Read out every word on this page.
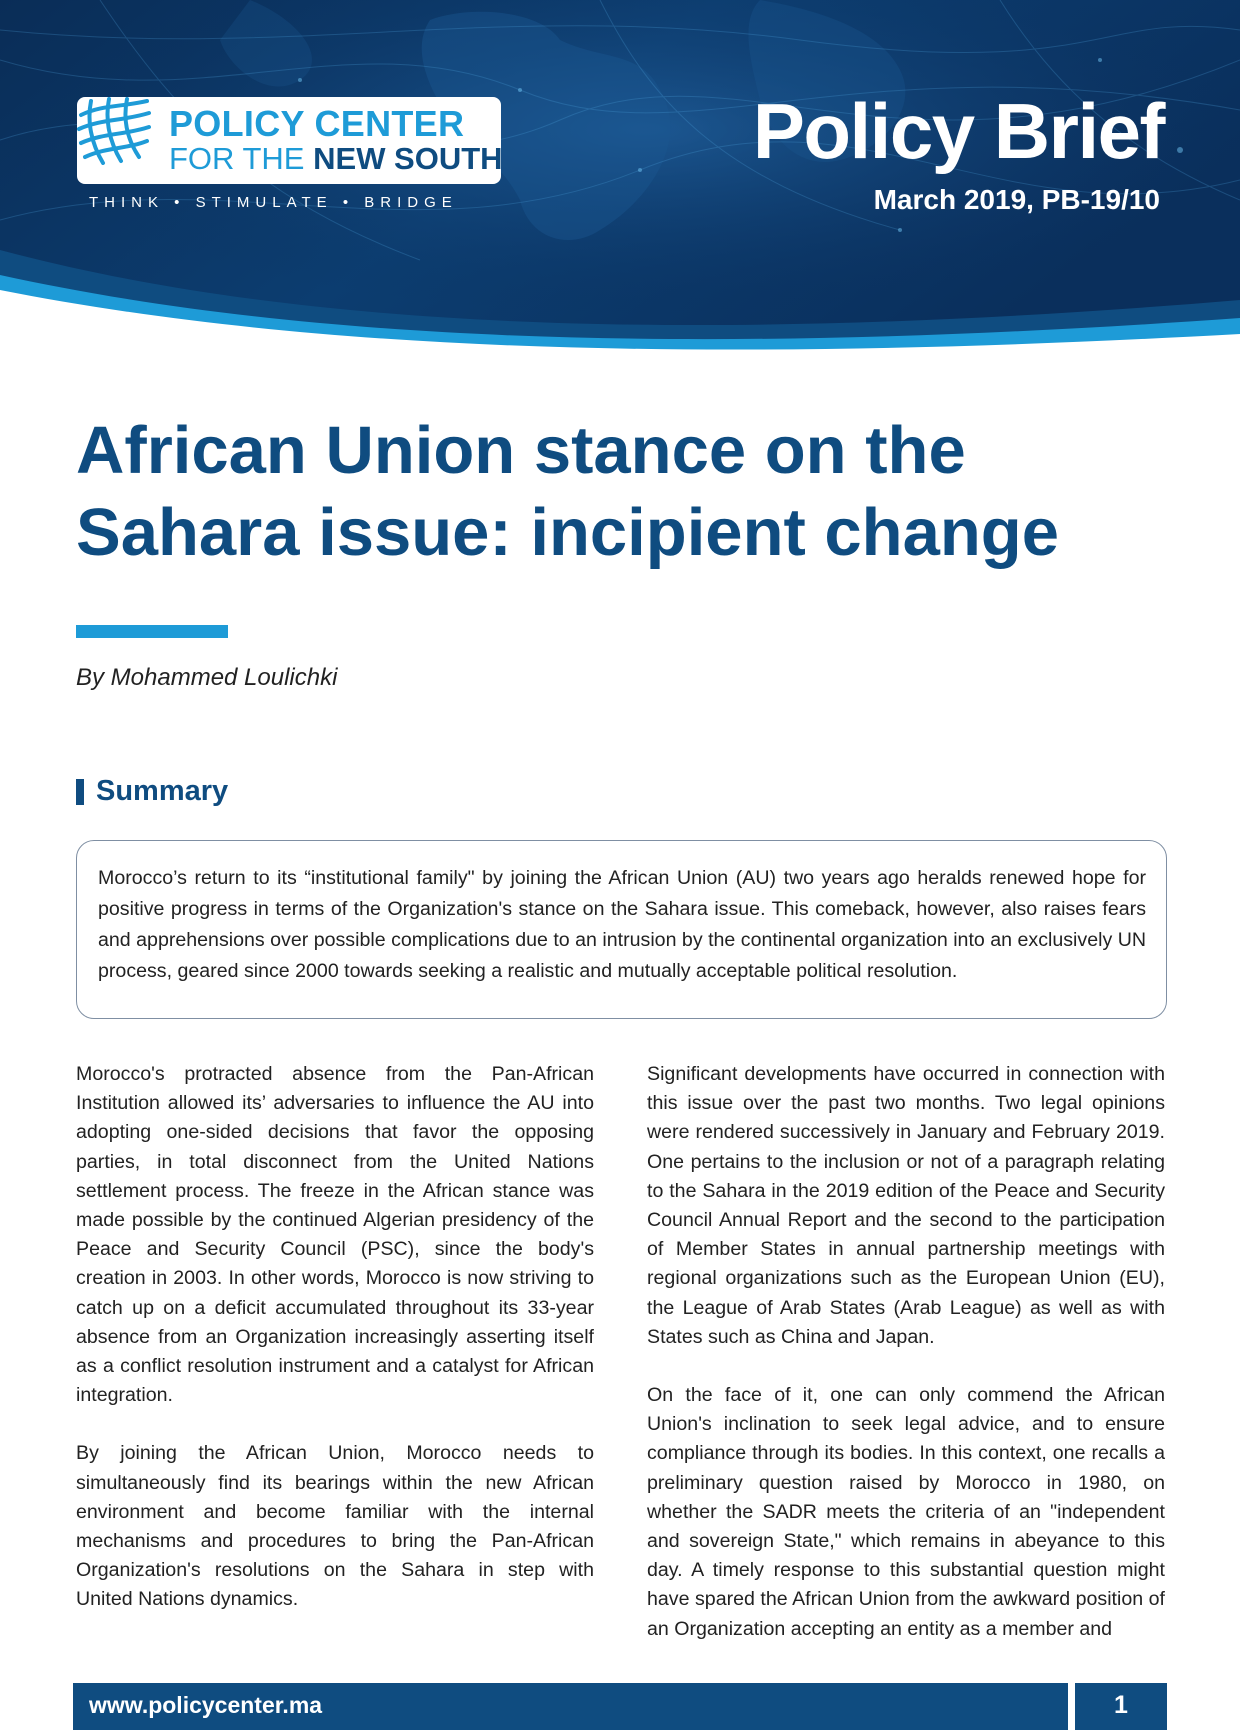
POLICY CENTER
FOR THE NEW SOUTH
THINK • STIMULATE • BRIDGE
Policy Brief
March 2019, PB-19/10
African Union stance on the Sahara issue: incipient change
By Mohammed Loulichki
Summary

Morocco’s return to its “institutional family" by joining the African Union (AU) two years ago heralds renewed hope for positive progress in terms of the Organization's stance on the Sahara issue. This comeback, however, also raises fears and apprehensions over possible complications due to an intrusion by the continental organization into an exclusively UN process, geared since 2000 towards seeking a realistic and mutually acceptable political resolution.

Morocco's protracted absence from the Pan-African Institution allowed its’ adversaries to influence the AU into adopting one-sided decisions that favor the opposing parties, in total disconnect from the United Nations settlement process. The freeze in the African stance was made possible by the continued Algerian presidency of the Peace and Security Council (PSC), since the body's creation in 2003. In other words, Morocco is now striving to catch up on a deficit accumulated throughout its 33-year absence from an Organization increasingly asserting itself as a conflict resolution instrument and a catalyst for African integration.

By joining the African Union, Morocco needs to simultaneously find its bearings within the new African environment and become familiar with the internal mechanisms and procedures to bring the Pan-African Organization's resolutions on the Sahara in step with United Nations dynamics.

Significant developments have occurred in connection with this issue over the past two months. Two legal opinions were rendered successively in January and February 2019. One pertains to the inclusion or not of a paragraph relating to the Sahara in the 2019 edition of the Peace and Security Council Annual Report and the second to the participation of Member States in annual partnership meetings with regional organizations such as the European Union (EU), the League of Arab States (Arab League) as well as with States such as China and Japan.

On the face of it, one can only commend the African Union's inclination to seek legal advice, and to ensure compliance through its bodies. In this context, one recalls a preliminary question raised by Morocco in 1980, on whether the SADR meets the criteria of an "independent and sovereign State," which remains in abeyance to this day. A timely response to this substantial question might have spared the African Union from the awkward position of an Organization accepting an entity as a member and

www.policycenter.ma	1
